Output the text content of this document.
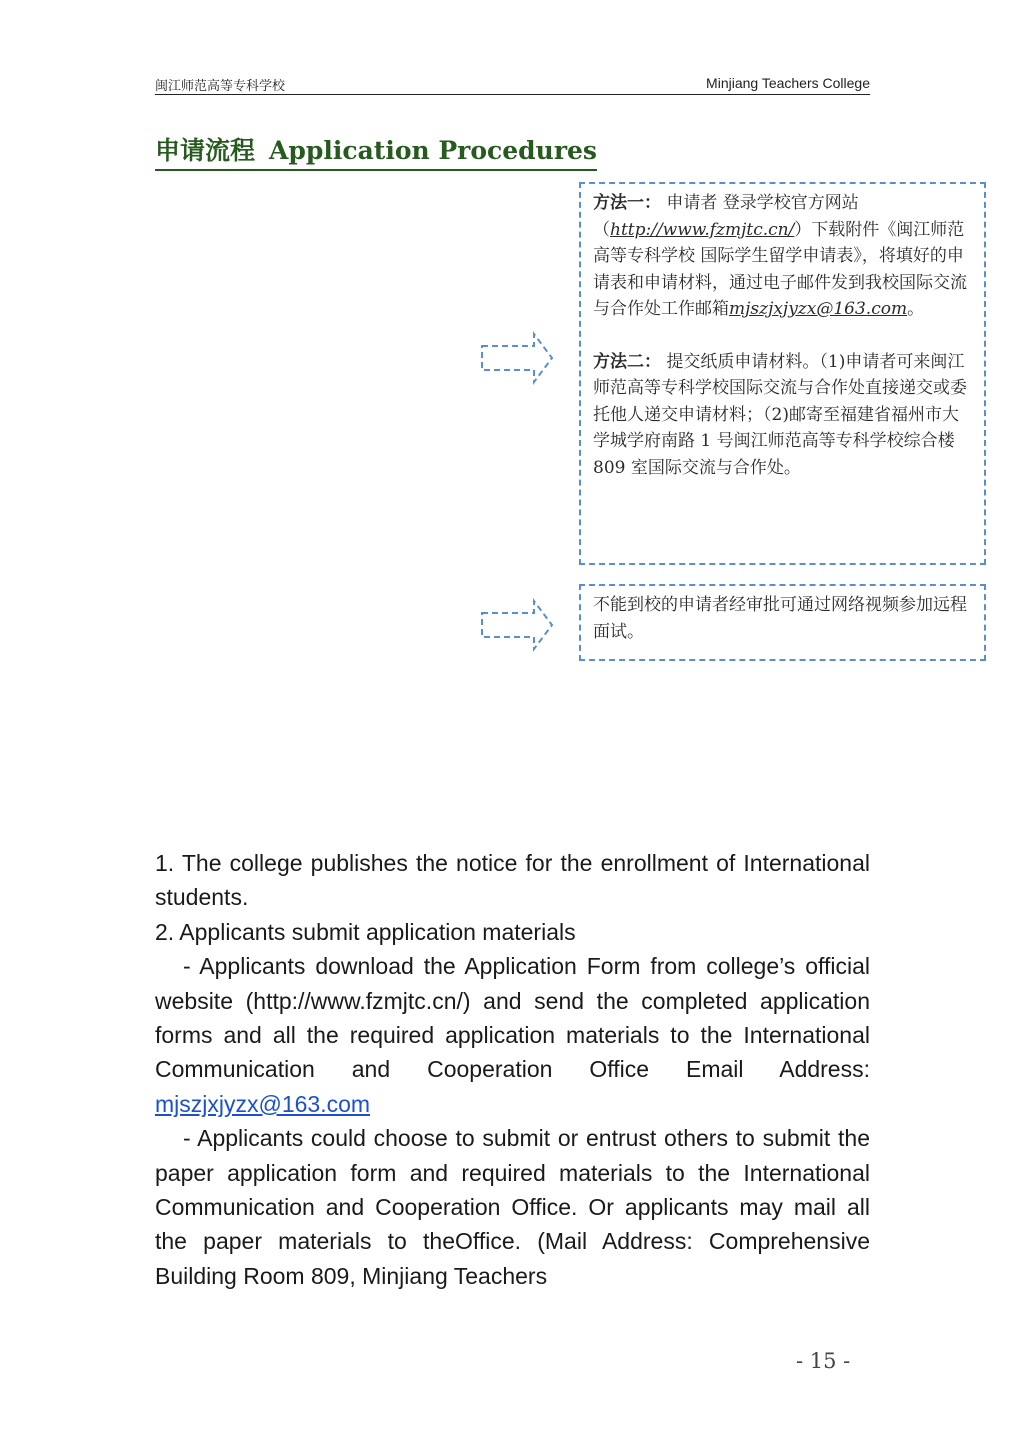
闽江师范高等专科学校	Minjiang Teachers College
申请流程 Application Procedures

方法一： 申请者 登录学校官方网站（http://www.fzmjtc.cn/）下载附件《闽江师范高等专科学校 国际学生留学申请表》，将填好的申请表和申请材料，通过电子邮件发到我校国际交流与合作处工作邮箱mjszjxjyzx@163.com。

方法二： 提交纸质申请材料。（1)申请者可来闽江师范高等专科学校国际交流与合作处直接递交或委托他人递交申请材料；（2)邮寄至福建省福州市大学城学府南路 1 号闽江师范高等专科学校综合楼 809 室国际交流与合作处。

不能到校的申请者经审批可通过网络视频参加远程面试。

1. The college publishes the notice for the enrollment of International students.

2. Applicants submit application materials

- Applicants download the Application Form from college’s official website (http://www.fzmjtc.cn/) and send the completed application forms and all the required application materials to the International Communication and Cooperation Office Email Address: mjszjxjyzx@163.com

- Applicants could choose to submit or entrust others to submit the paper application form and required materials to the International Communication and Cooperation Office. Or applicants may mail all the paper materials to theOffice. (Mail Address: Comprehensive Building Room 809, Minjiang Teachers

- 15 -
